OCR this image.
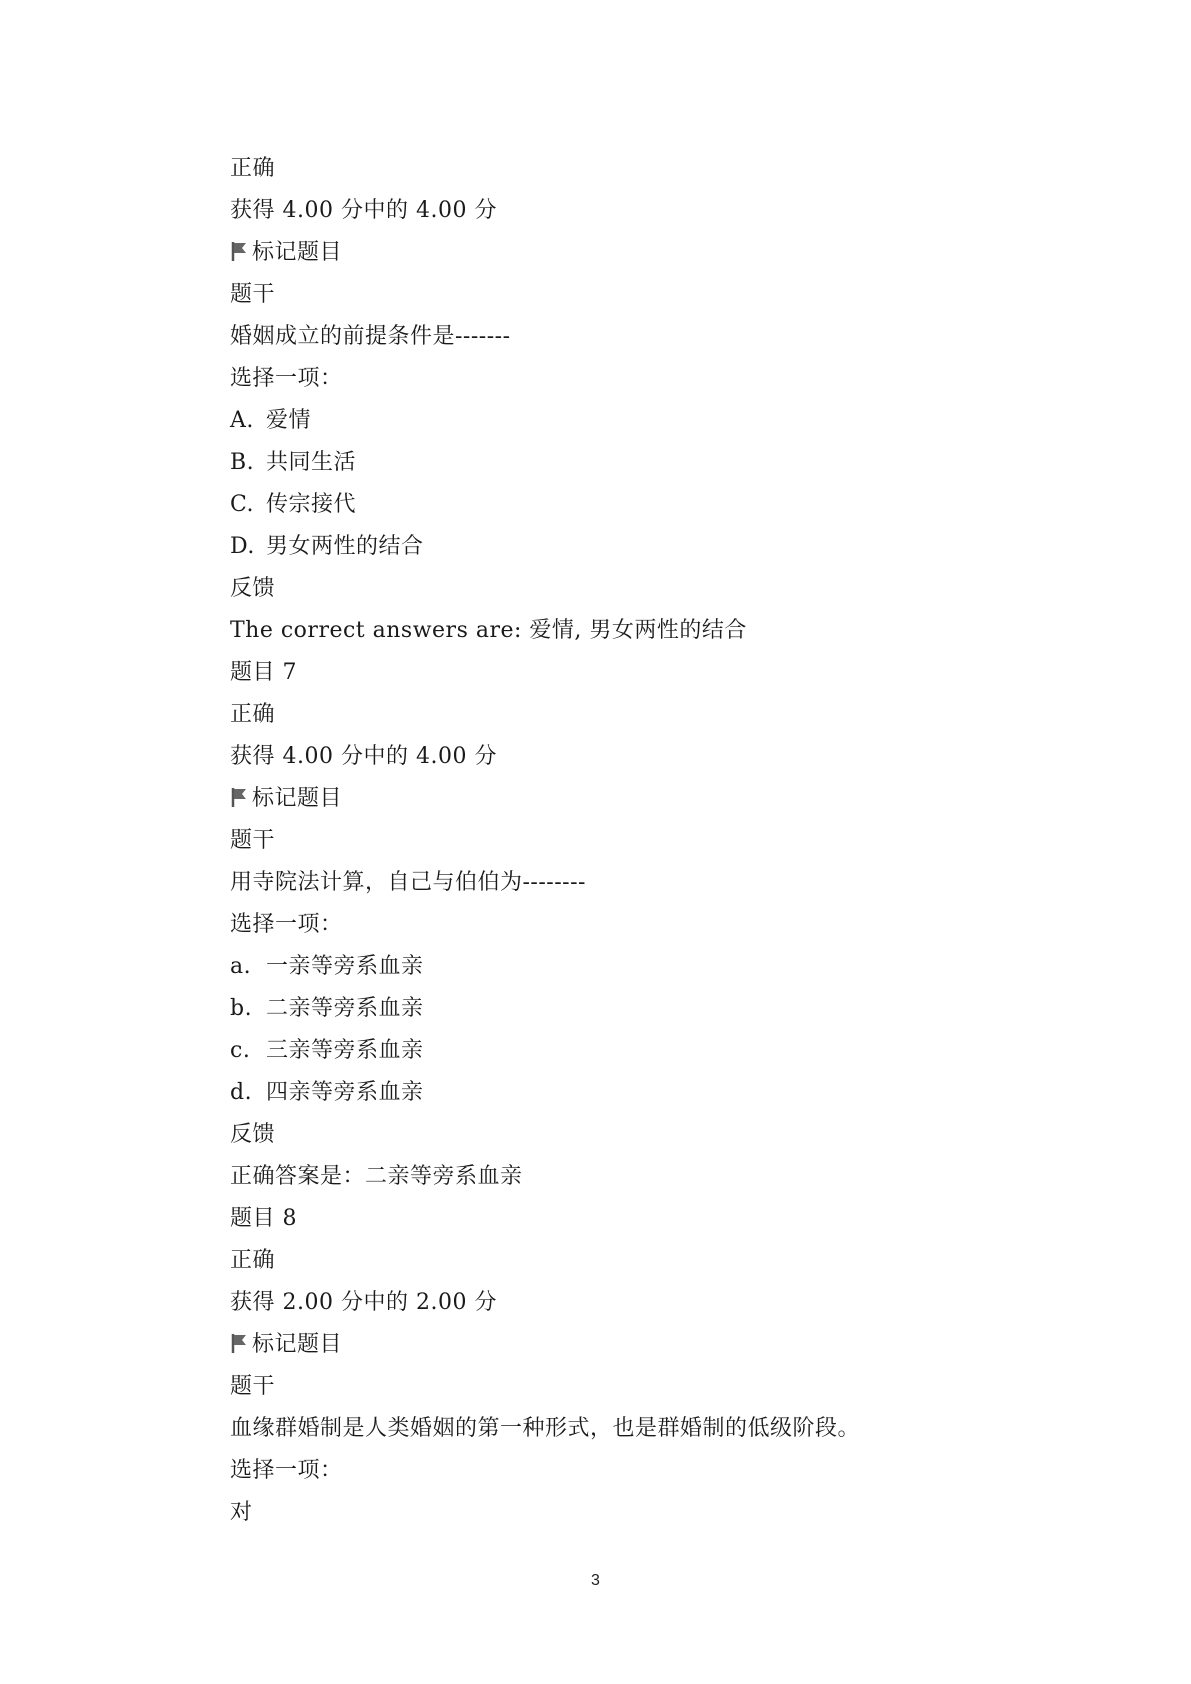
正确
获得 4.00 分中的 4.00 分
标记题目
题干
婚姻成立的前提条件是-------
选择一项：
A. 爱情
B. 共同生活
C. 传宗接代
D. 男女两性的结合
反馈
The correct answers are: 爱情, 男女两性的结合
题目 7
正确
获得 4.00 分中的 4.00 分
标记题目
题干
用寺院法计算，自己与伯伯为--------
选择一项：
a. 一亲等旁系血亲
b. 二亲等旁系血亲
c. 三亲等旁系血亲
d. 四亲等旁系血亲
反馈
正确答案是：二亲等旁系血亲
题目 8
正确
获得 2.00 分中的 2.00 分
标记题目
题干
血缘群婚制是人类婚姻的第一种形式，也是群婚制的低级阶段。
选择一项：
对
3
